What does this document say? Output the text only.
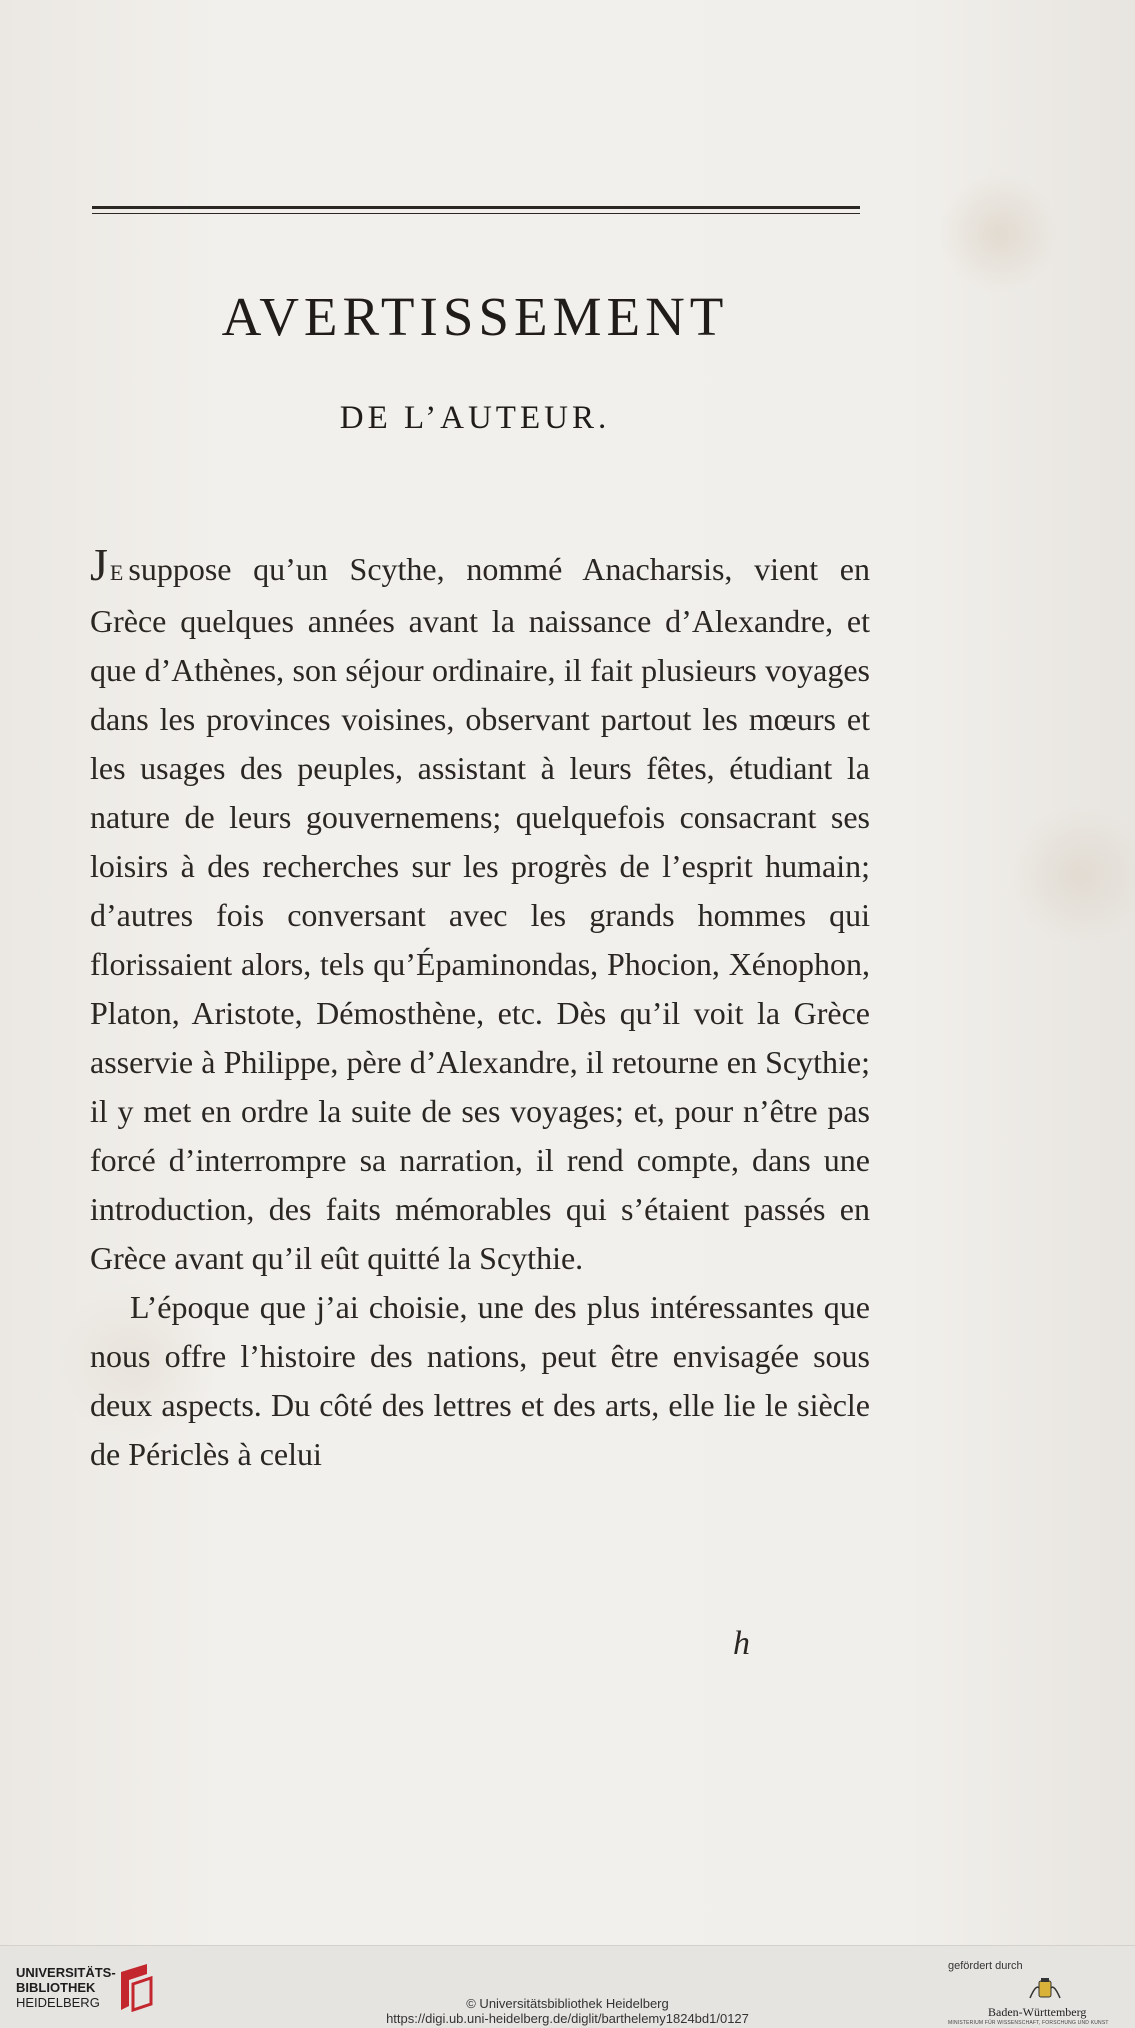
AVERTISSEMENT
DE L’AUTEUR.

JE suppose qu’un Scythe, nommé Anacharsis, vient en Grèce quelques années avant la naissance d’Alexandre, et que d’Athènes, son séjour ordinaire, il fait plusieurs voyages dans les provinces voisines, observant partout les mœurs et les usages des peuples, assistant à leurs fêtes, étudiant la nature de leurs gouvernemens; quelquefois consacrant ses loisirs à des recherches sur les progrès de l’esprit humain; d’autres fois conversant avec les grands hommes qui florissaient alors, tels qu’Épaminondas, Phocion, Xénophon, Platon, Aristote, Démosthène, etc. Dès qu’il voit la Grèce asservie à Philippe, père d’Alexandre, il retourne en Scythie; il y met en ordre la suite de ses voyages; et, pour n’être pas forcé d’interrompre sa narration, il rend compte, dans une introduction, des faits mémorables qui s’étaient passés en Grèce avant qu’il eût quitté la Scythie.

L’époque que j’ai choisie, une des plus intéressantes que nous offre l’histoire des nations, peut être envisagée sous deux aspects. Du côté des lettres et des arts, elle lie le siècle de Périclès à celui

h
UNIVERSITÄTS-
BIBLIOTHEK
HEIDELBERG	© Universitätsbibliothek Heidelberg
https://digi.ub.uni-heidelberg.de/diglit/barthelemy1824bd1/0127
gefördert durch
Baden-Württemberg
MINISTERIUM FÜR WISSENSCHAFT, FORSCHUNG UND KUNST
